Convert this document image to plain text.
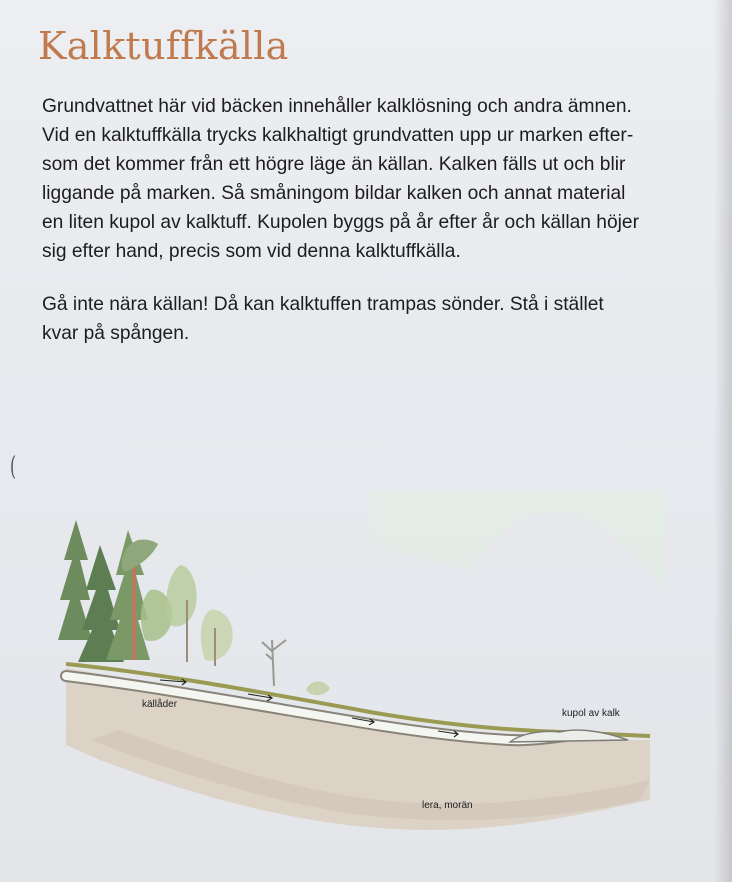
Kalktuffkälla

Grundvattnet här vid bäcken innehåller kalklösning och andra ämnen.
Vid en kalktuffkälla trycks kalkhaltigt grundvatten upp ur marken efter-
som det kommer från ett högre läge än källan. Kalken fälls ut och blir
liggande på marken. Så småningom bildar kalken och annat material
en liten kupol av kalktuff. Kupolen byggs på år efter år och källan höjer
sig efter hand, precis som vid denna kalktuffkälla.

Gå inte nära källan! Då kan kalktuffen trampas sönder. Stå i stället
kvar på spången.

(
källåder
kupol av kalk
lera, morän
